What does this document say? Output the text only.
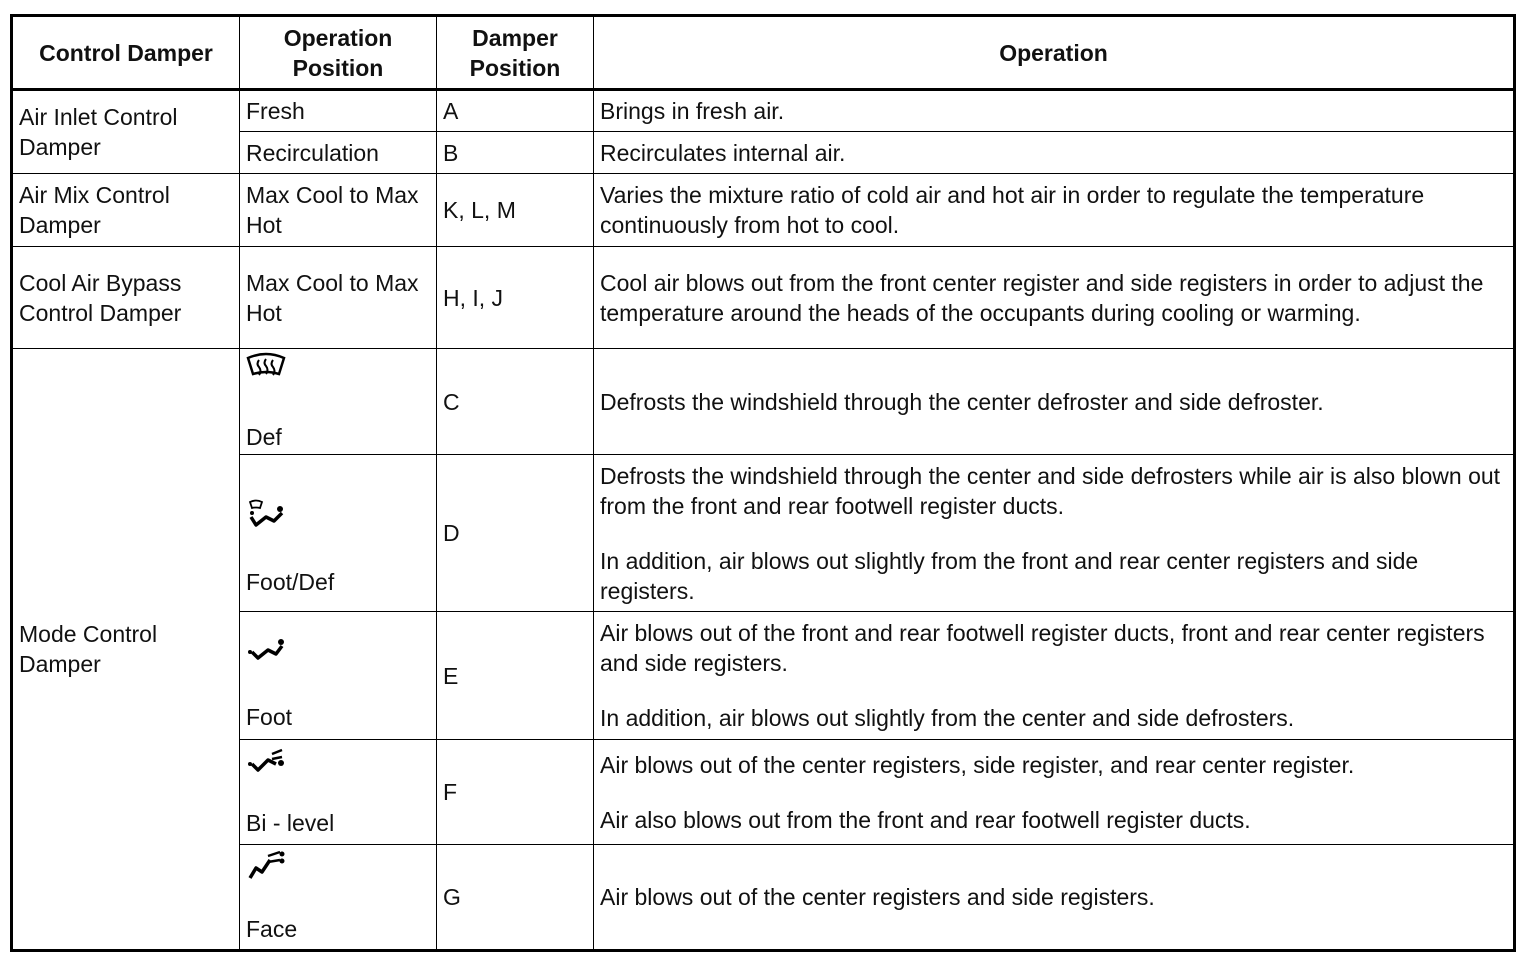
Control Damper	Operation Position	Damper Position	Operation
Air Inlet Control Damper	Fresh	A	Brings in fresh air.

	Recirculation	B	Recirculates internal air.

Air Mix Control Damper	Max Cool to Max Hot	K, L, M	Varies the mixture ratio of cold air and hot air in order to regulate the temperature continuously from hot to cool.

Cool Air Bypass Control Damper	Max Cool to Max Hot	H, I, J	Cool air blows out from the front center register and side registers in order to adjust the temperature around the heads of the occupants during cooling or warming.

Mode Control Damper	Def	C	Defrosts the windshield through the center defroster and side defroster.

	Foot/Def	D	Defrosts the windshield through the center and side defrosters while air is also blown out from the front and rear footwell register ducts.

In addition, air blows out slightly from the front and rear center registers and side registers.

	Foot	E	Air blows out of the front and rear footwell register ducts, front and rear center registers and side registers.

In addition, air blows out slightly from the center and side defrosters.

	Bi - level	F	Air blows out of the center registers, side register, and rear center register.

Air also blows out from the front and rear footwell register ducts.

	Face	G	Air blows out of the center registers and side registers.
